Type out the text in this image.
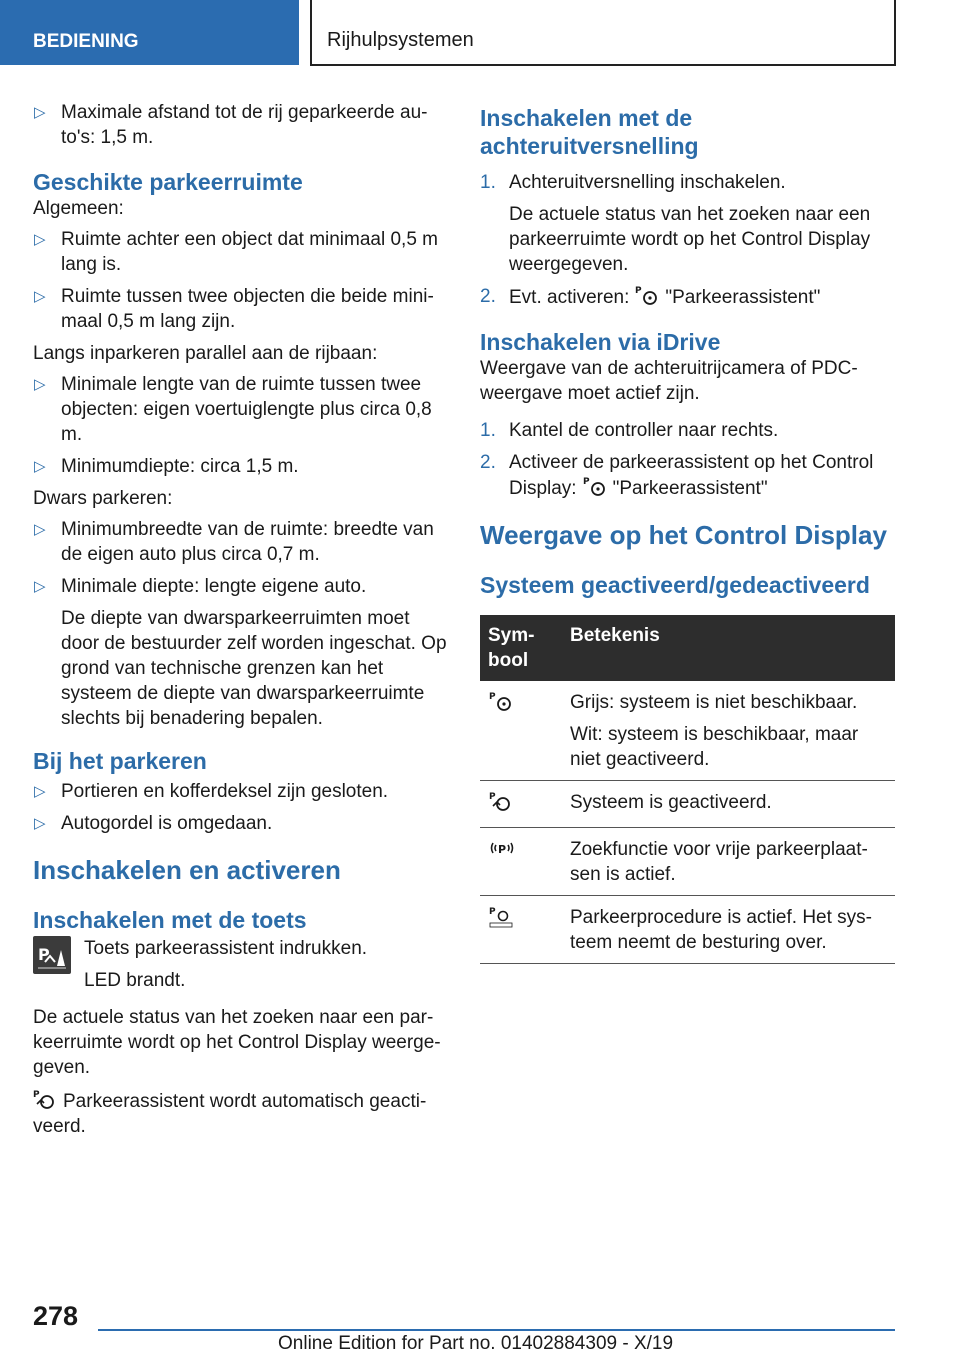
BEDIENING	Rijhulpsystemen
▷ Maximale afstand tot de rij geparkeerde au-to's: 1,5 m.

Geschikte parkeerruimte

Algemeen:

▷ Ruimte achter een object dat minimaal 0,5 m lang is.

▷ Ruimte tussen twee objecten die beide mini-maal 0,5 m lang zijn.

Langs inparkeren parallel aan de rijbaan:

▷ Minimale lengte van de ruimte tussen twee objecten: eigen voertuiglengte plus circa 0,8 m.

▷ Minimumdiepte: circa 1,5 m.

Dwars parkeren:

▷ Minimumbreedte van de ruimte: breedte van de eigen auto plus circa 0,7 m.

▷ Minimale diepte: lengte eigene auto.

De diepte van dwarsparkeerruimten moet door de bestuurder zelf worden ingeschat. Op grond van technische grenzen kan het systeem de diepte van dwarsparkeerruimte slechts bij benadering bepalen.

Bij het parkeren
▷ Portieren en kofferdeksel zijn gesloten.

▷ Autogordel is omgedaan.

Inschakelen en activeren
Inschakelen met de toets
P Toets parkeerassistent indrukken.

LED brandt.

De actuele status van het zoeken naar een par-keerruimte wordt op het Control Display weerge-geven.

P Parkeerassistent wordt automatisch geacti-veerd.

Inschakelen met de achteruitversnelling
1. Achteruitversnelling inschakelen.

De actuele status van het zoeken naar een parkeerruimte wordt op het Control Display weergegeven.

2. Evt. activeren: P "Parkeerassistent"

Inschakelen via iDrive

Weergave van de achteruitrijcamera of PDC-weergave moet actief zijn.

1. Kantel de controller naar rechts.

2. Activeer de parkeerassistent op het Control Display: P "Parkeerassistent"

Weergave op het Control Display
Systeem geactiveerd/gedeactiveerd
Sym-bool	Betekenis

P	Grijs: systeem is niet beschikbaar.

Wit: systeem is beschikbaar, maar niet geactiveerd.

P	Systeem is geactiveerd.

P	Zoekfunctie voor vrije parkeerplaat-sen is actief.

P	Parkeerprocedure is actief. Het sys-teem neemt de besturing over.

278
Online Edition for Part no. 01402884309 - X/19
